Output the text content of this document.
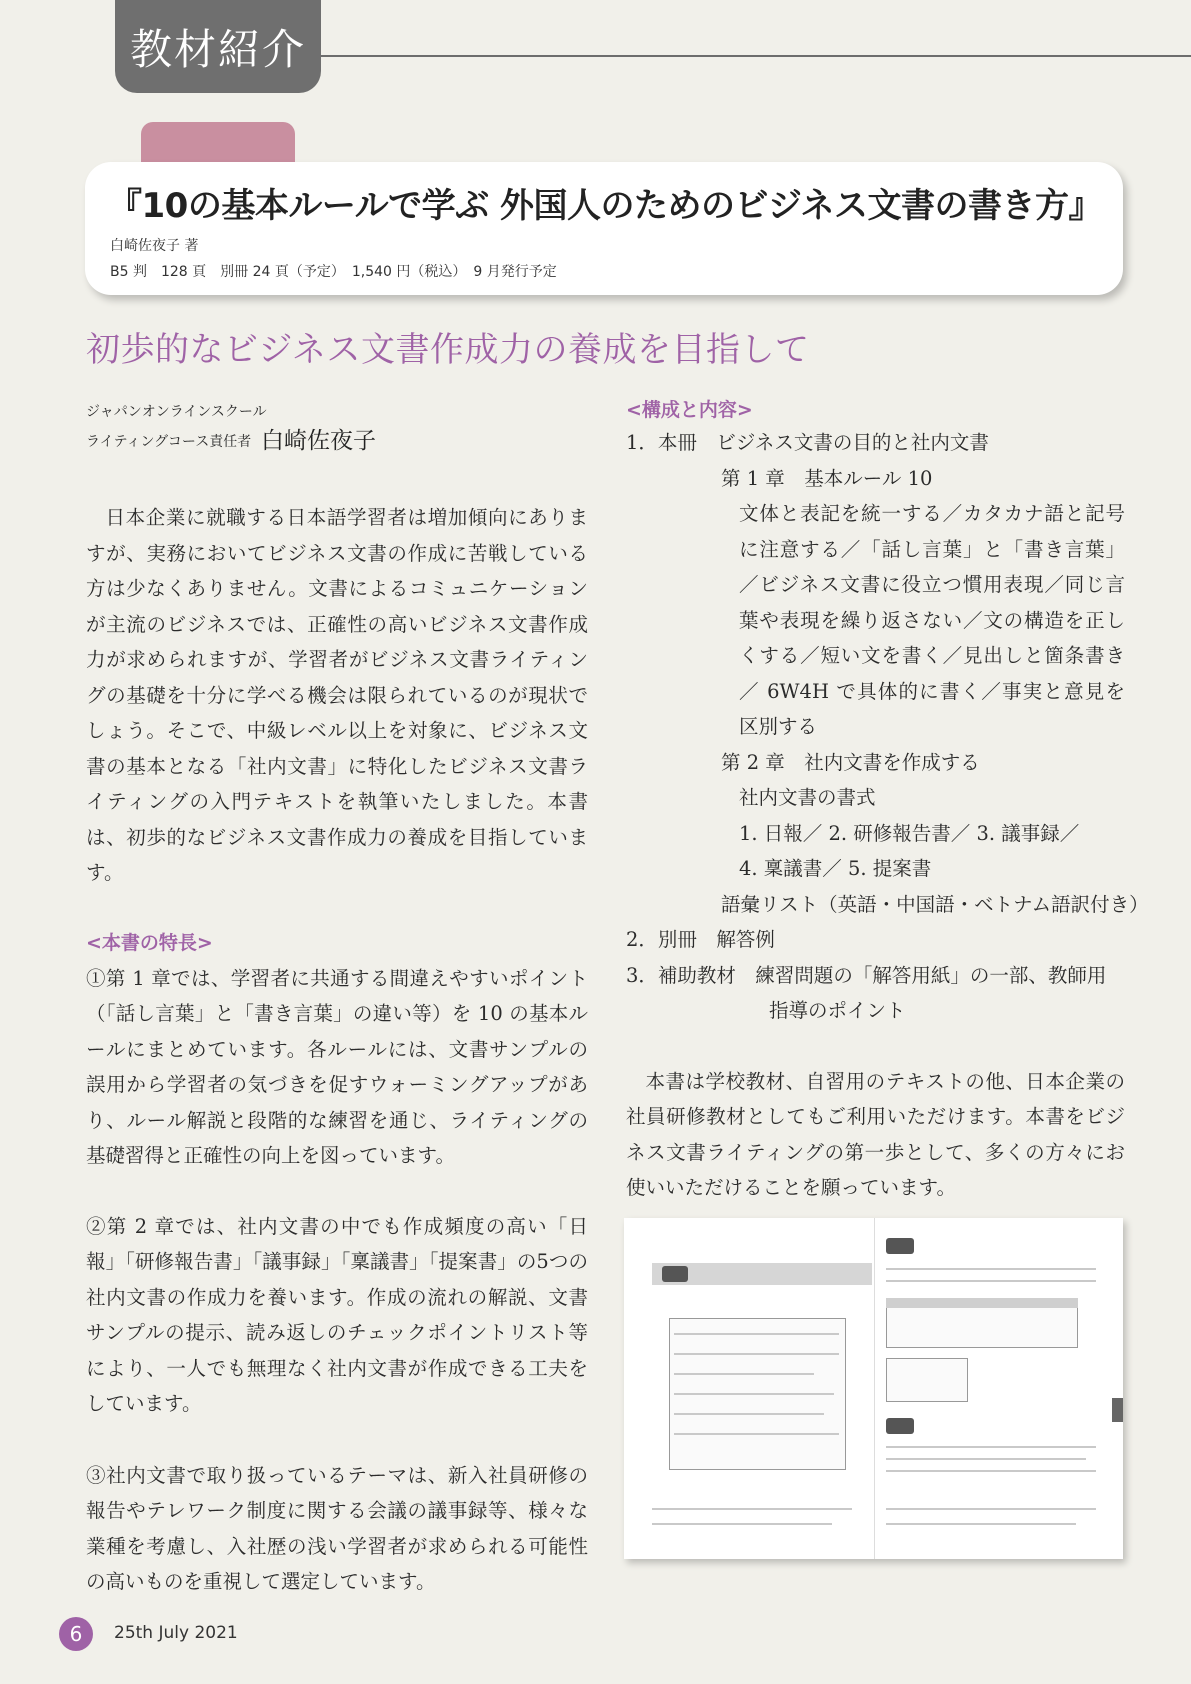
教材紹介
『10の基本ルールで学ぶ 外国人のためのビジネス文書の書き方』
白崎佐夜子 著
B5 判　128 頁　別冊 24 頁（予定）　1,540 円（税込）　9 月発行予定
初歩的なビジネス文書作成力の養成を目指して
ジャパンオンラインスクール
ライティングコース責任者 白崎佐夜子

日本企業に就職する日本語学習者は増加傾向にありますが、実務においてビジネス文書の作成に苦戦している方は少なくありません。文書によるコミュニケーションが主流のビジネスでは、正確性の高いビジネス文書作成力が求められますが、学習者がビジネス文書ライティングの基礎を十分に学べる機会は限られているのが現状でしょう。そこで、中級レベル以上を対象に、ビジネス文書の基本となる「社内文書」に特化したビジネス文書ライティングの入門テキストを執筆いたしました。本書は、初歩的なビジネス文書作成力の養成を目指しています。

<本書の特長>

①第 1 章では、学習者に共通する間違えやすいポイント（「話し言葉」と「書き言葉」の違い等）を 10 の基本ルールにまとめています。各ルールには、文書サンプルの誤用から学習者の気づきを促すウォーミングアップがあり、ルール解説と段階的な練習を通じ、ライティングの基礎習得と正確性の向上を図っています。

②第 2 章では、社内文書の中でも作成頻度の高い「日報」「研修報告書」「議事録」「稟議書」「提案書」の5つの社内文書の作成力を養います。作成の流れの解説、文書サンプルの提示、読み返しのチェックポイントリスト等により、一人でも無理なく社内文書が作成できる工夫をしています。

③社内文書で取り扱っているテーマは、新入社員研修の報告やテレワーク制度に関する会議の議事録等、様々な業種を考慮し、入社歴の浅い学習者が求められる可能性の高いものを重視して選定しています。

<構成と内容>
1．本冊　ビジネス文書の目的と社内文書
第 1 章　基本ルール 10
文体と表記を統一する／カタカナ語と記号に注意する／「話し言葉」と「書き言葉」／ビジネス文書に役立つ慣用表現／同じ言葉や表現を繰り返さない／文の構造を正しくする／短い文を書く／見出しと箇条書き／ 6W4H で具体的に書く／事実と意見を区別する
第 2 章　社内文書を作成する
社内文書の書式
1. 日報／ 2. 研修報告書／ 3. 議事録／
4. 稟議書／ 5. 提案書
語彙リスト（英語・中国語・ベトナム語訳付き）
2．別冊　解答例
3．補助教材　練習問題の「解答用紙」の一部、教師用指導のポイント

本書は学校教材、自習用のテキストの他、日本企業の社員研修教材としてもご利用いただけます。本書をビジネス文書ライティングの第一歩として、多くの方々にお使いいただけることを願っています。

6 25th July 2021
